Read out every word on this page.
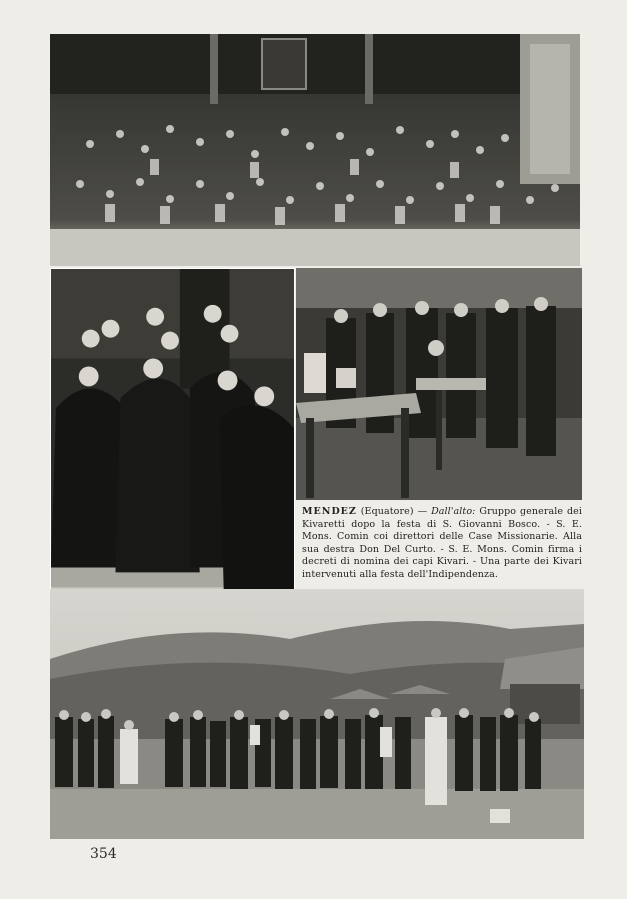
MENDEZ (Equatore) — Dall'alto: Gruppo generale dei Kivaretti dopo la festa di S. Giovanni Bosco. - S. E. Mons. Comin coi direttori delle Case Missionarie. Alla sua destra Don Del Curto. - S. E. Mons. Comin firma i decreti di nomina dei capi Kivari. - Una parte dei Kivari intervenuti alla festa dell'Indipendenza.
354
